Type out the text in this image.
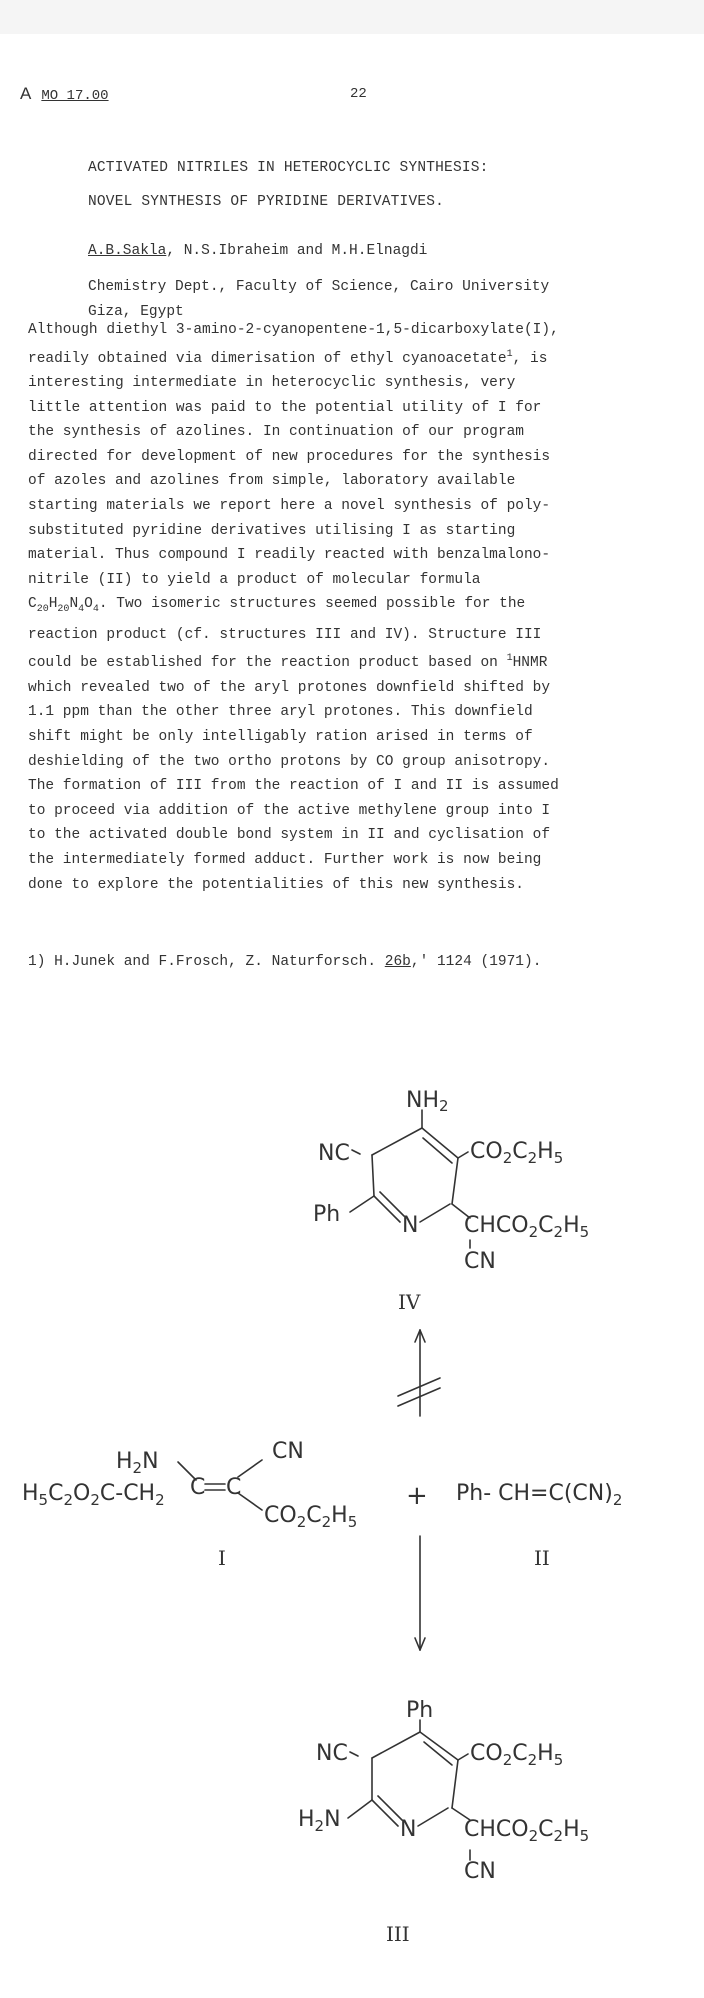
A MO 17.00	22
ACTIVATED NITRILES IN HETEROCYCLIC SYNTHESIS:
NOVEL SYNTHESIS OF PYRIDINE DERIVATIVES.
A.B.Sakla, N.S.Ibraheim and M.H.Elnagdi
Chemistry Dept., Faculty of Science, Cairo University
Giza, Egypt

Although diethyl 3-amino-2-cyanopentene-1,5-dicarboxylate(I),
readily obtained via dimerisation of ethyl cyanoacetate$^1$, is
interesting intermediate in heterocyclic synthesis, very
little attention was paid to the potential utility of I for
the synthesis of azolines. In continuation of our program
directed for development of new procedures for the synthesis
of azoles and azolines from simple, laboratory available
starting materials we report here a novel synthesis of poly-
substituted pyridine derivatives utilising I as starting
material. Thus compound I readily reacted with benzalmalono-
nitrile (II) to yield a product of molecular formula
$C_{20}H_{20}N_4O_4$. Two isomeric structures seemed possible for the
reaction product (cf. structures III and IV). Structure III
could be established for the reaction product based on $^1$HNMR
which revealed two of the aryl protones downfield shifted by
1.1 ppm than the other three aryl protones. This downfield
shift might be only intelligably ration arised in terms of
deshielding of the two ortho protons by CO group anisotropy.
The formation of III from the reaction of I and II is assumed
to proceed via addition of the active methylene group into I
to the activated double bond system in II and cyclisation of
the intermediately formed adduct. Further work is now being
done to explore the potentialities of this new synthesis.

1) H.Junek and F.Frosch, Z. Naturforsch. 26b,' 1124 (1971).
NH2
NC	$CO_2C_2H_5$
Ph	N $CHCO_2C_2H_5$
CN
$H_2N$	CN
$H_5C_2O_2C-CH_2$ C C
$CO_2C_2H_5$
+ Ph- $CH=C(CN)_2$
Ph
NC	$CO_2C_2H_5$
$H_2N$	N $CHCO_2C_2H_5$
CN
IV
I	II
III
